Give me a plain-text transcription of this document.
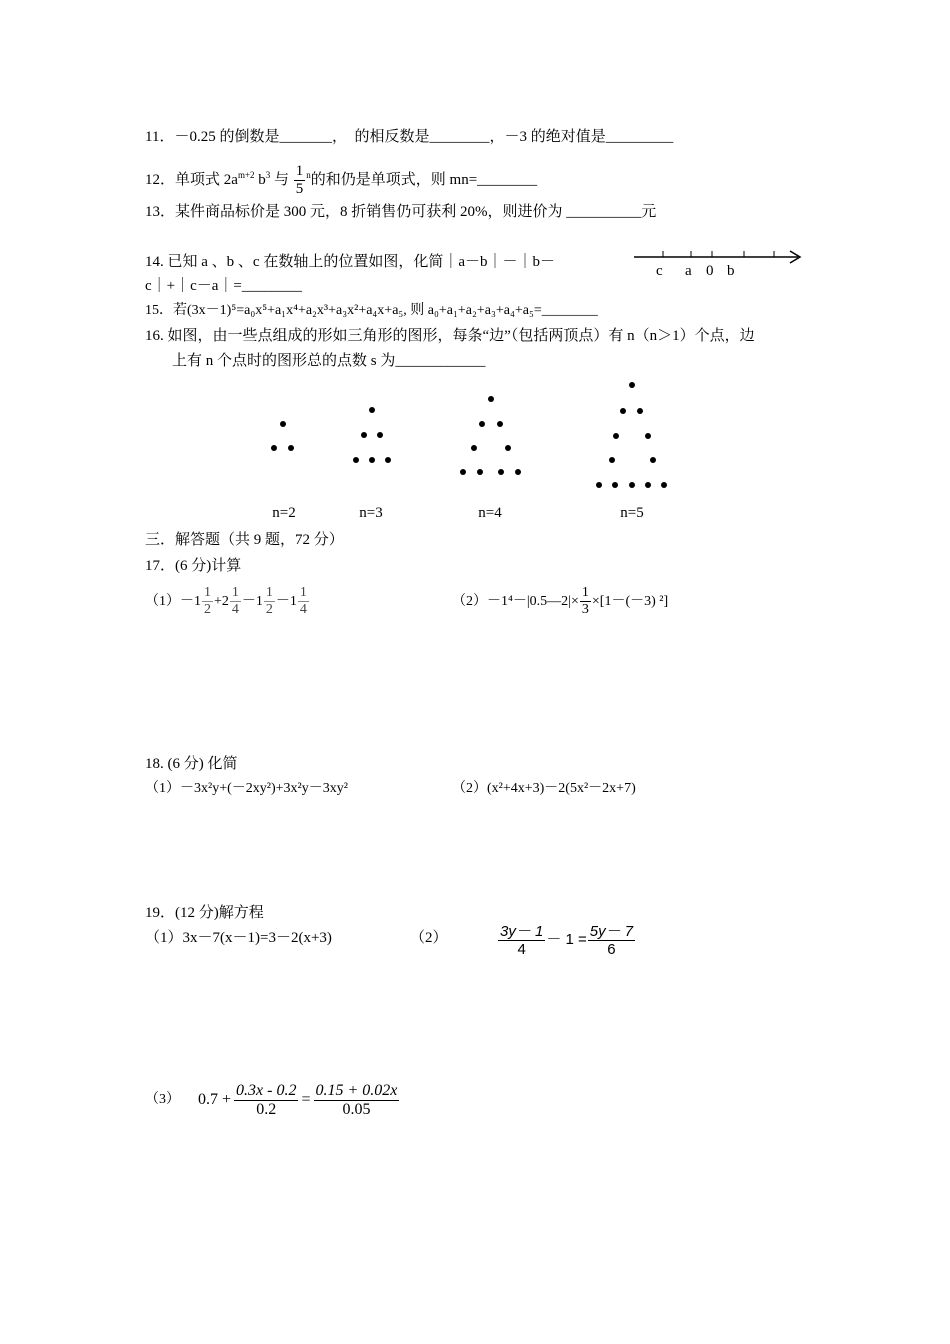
11．－0.25 的倒数是_______，　的相反数是________，－3 的绝对值是_________
12．单项式 $2a^{m+2}$ $b^3$ 与 $\frac{1}{5} ^n$的和仍是单项式，则 mn=________
13．某件商品标价是 300 元，8 折销售仍可获利 20%，则进价为 __________元
14. 已知 a 、b 、c 在数轴上的位置如图，化简｜a－b｜－｜b－
c｜+｜c－a｜=________
c a 0 b
15．若(3x－1)⁵=a₀x⁵+a₁x⁴+a₂x³+a₃x²+a₄x+a₅, 则 a₀+a₁+a₂+a₃+a₄+a₅=________
16. 如图，由一些点组成的形如三角形的图形，每条“边”（包括两顶点）有 n（n＞1）个点，边
上有 n 个点时的图形总的点数 s 为____________
n=2	n=3	n=4	n=5
三．解答题（共 9 题，72 分）
17．(6 分)计算
$(1)-1 \frac{1}{2} +2 \frac{1}{4} -1 \frac{1}{2} -1 \frac{1}{4}$	（2）－1⁴－|0.5—2|× $\frac{1}{3} \times[1-(-3)$ ²]
18. (6 分) 化简
（1）－3x²y+(－2xy²)+3x²y－3xy²	（2）(x²+4x+3)－2(5x²－2x+7)
19．(12 分)解方程
（1）3x－7(x－1)=3－2(x+3)	（2）	$\frac{3y- 1}{4} - 1 = \frac{5y- 7}{6}$
（3） $0.7 + \frac{0.3x - 0.2}{0.2} = \frac{0.15 + 0.02x}{0.05}$
